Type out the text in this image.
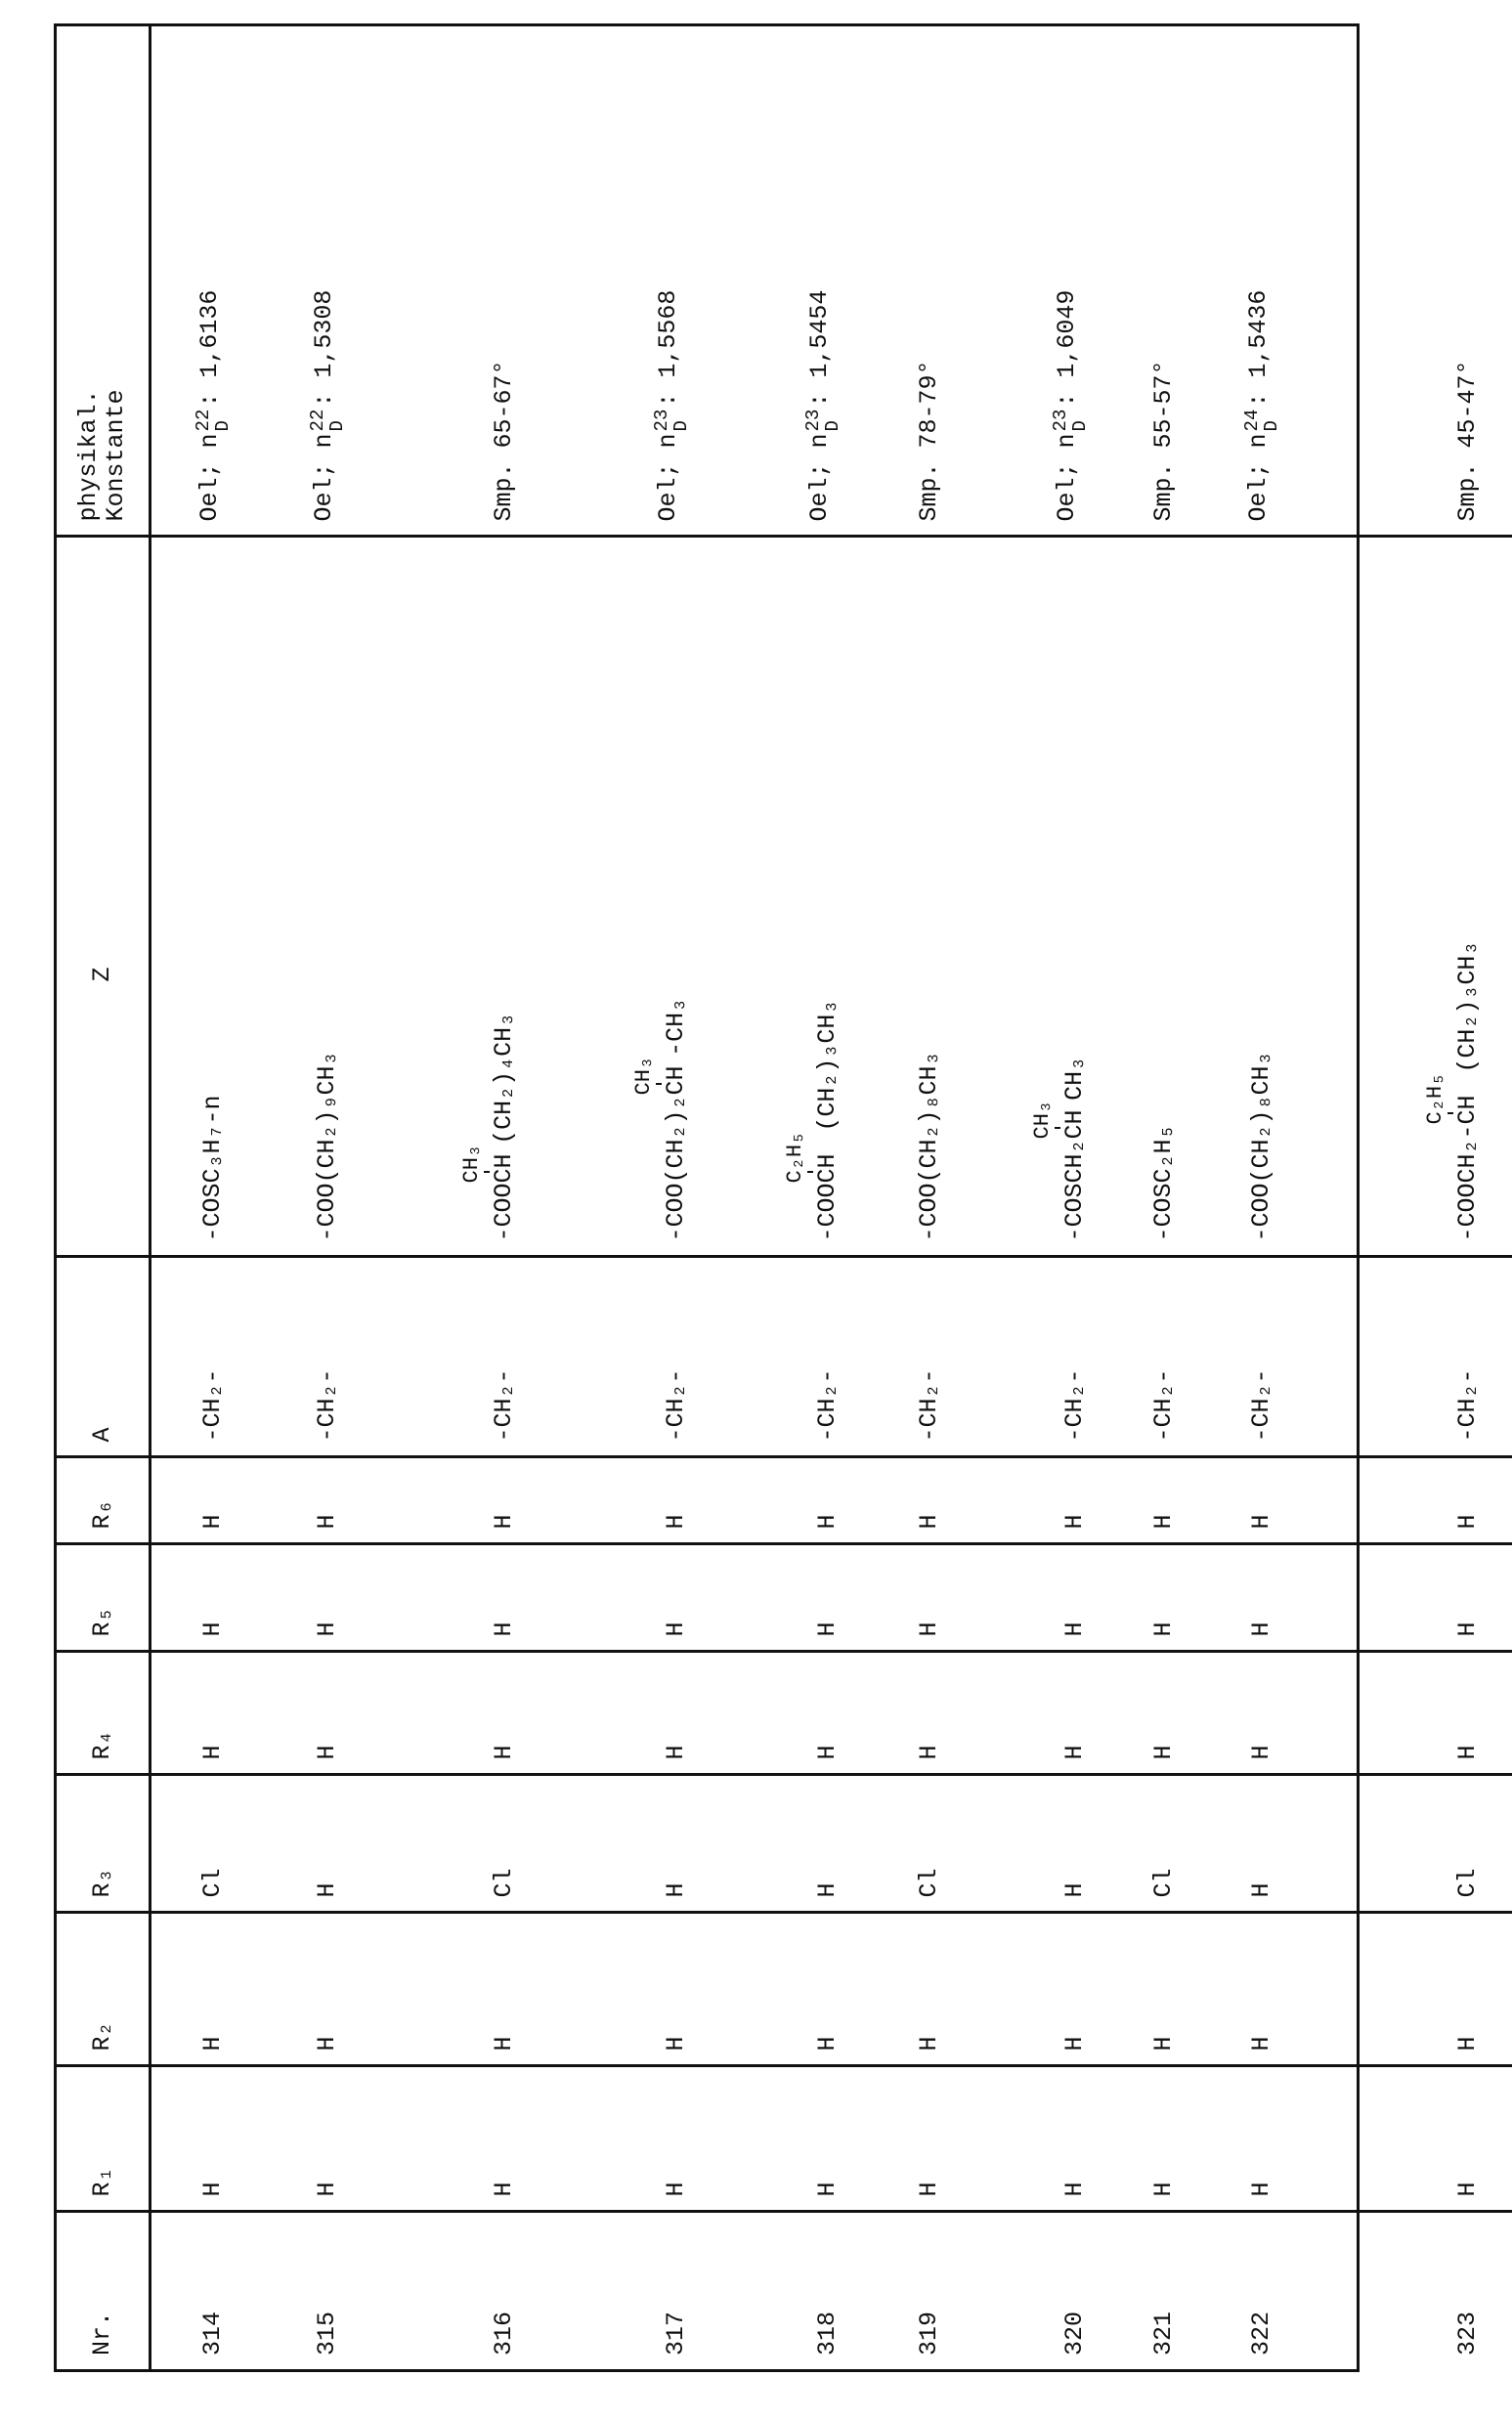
Nr.	R₁	R₂	R₃	R₄	R₅	R₆	A	Z	physikal.
Konstante
314	H	H	Cl	H	H	H	-CH₂-	-COSC₃H₇-n	Oel; n
22
D
: 1,6136
315	H	H	H	H	H	H	-CH₂-	-COO(CH₂)₉CH₃	Oel; n
22
D
: 1,5308
316	H	H	Cl	H	H	H	-CH₂-	-COO
CH₃ CH
(CH₂)₄CH₃	Smp. 65-67°
317	H	H	H	H	H	H	-CH₂-	-COO(CH₂)₂
CH₃ CH
-CH₃	Oel; n
23
D
: 1,5568
318	H	H	H	H	H	H	-CH₂-	-COO
C₂H₅ CH
(CH₂)₃CH₃	Oel; n
23
D
: 1,5454
319	H	H	Cl	H	H	H	-CH₂-	-COO(CH₂)₈CH₃	Smp. 78-79°
320	H	H	H	H	H	H	-CH₂-	-COSCH₂
CH₃ CH
CH₃	Oel; n
23
D
: 1,6049
321	H	H	Cl	H	H	H	-CH₂-	-COSC₂H₅	Smp. 55-57°
322	H	H	H	H	H	H	-CH₂-	-COO(CH₂)₈CH₃	Oel; n
24
D
: 1,5436
323	H	H	Cl	H	H	H	-CH₂-	-COOCH₂-
C₂H₅ CH
(CH₂)₃CH₃	Smp. 45-47°
